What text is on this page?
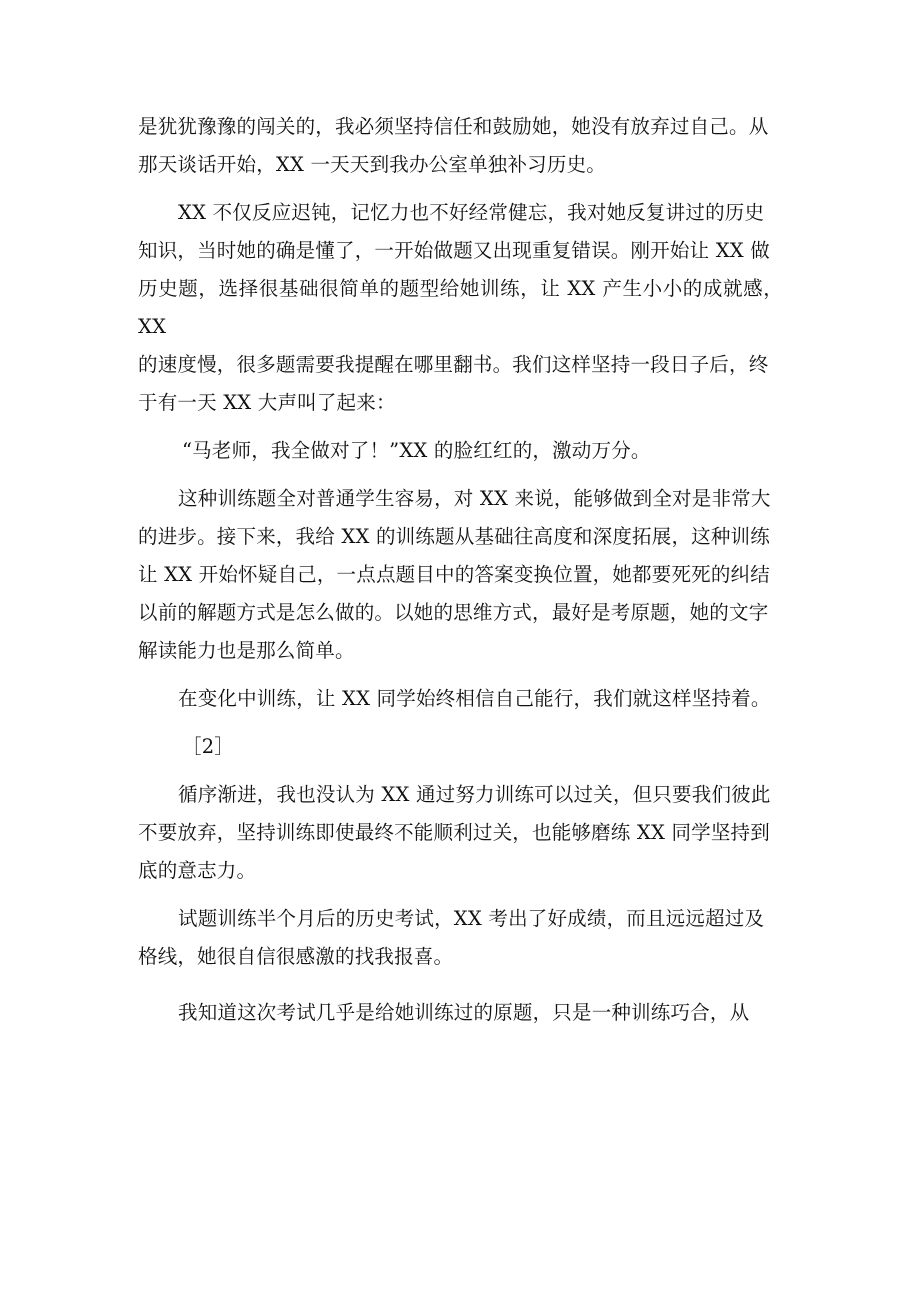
是犹犹豫豫的闯关的，我必须坚持信任和鼓励她，她没有放弃过自己。从
那天谈话开始，XX 一天天到我办公室单独补习历史。

XX 不仅反应迟钝，记忆力也不好经常健忘，我对她反复讲过的历史
知识，当时她的确是懂了，一开始做题又出现重复错误。刚开始让 XX 做
历史题，选择很基础很简单的题型给她训练，让 XX 产生小小的成就感，XX
的速度慢，很多题需要我提醒在哪里翻书。我们这样坚持一段日子后，终
于有一天 XX 大声叫了起来：

“马老师，我全做对了！”XX 的脸红红的，激动万分。

这种训练题全对普通学生容易，对 XX 来说，能够做到全对是非常大
的进步。接下来，我给 XX 的训练题从基础往高度和深度拓展，这种训练
让 XX 开始怀疑自己，一点点题目中的答案变换位置，她都要死死的纠结
以前的解题方式是怎么做的。以她的思维方式，最好是考原题，她的文字
解读能力也是那么简单。

在变化中训练，让 XX 同学始终相信自己能行，我们就这样坚持着。

［2］

循序渐进，我也没认为 XX 通过努力训练可以过关，但只要我们彼此
不要放弃，坚持训练即使最终不能顺利过关，也能够磨练 XX 同学坚持到
底的意志力。

试题训练半个月后的历史考试，XX 考出了好成绩，而且远远超过及
格线，她很自信很感激的找我报喜。

我知道这次考试几乎是给她训练过的原题，只是一种训练巧合，从
